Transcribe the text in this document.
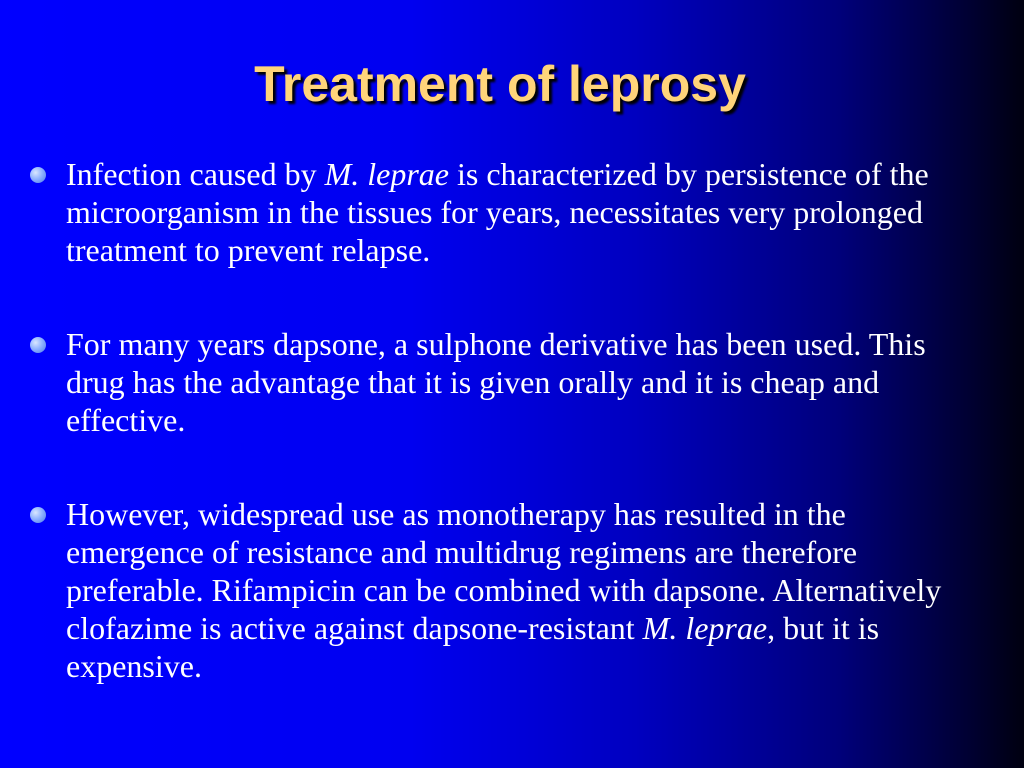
Treatment of leprosy
Infection caused by M. leprae is characterized by persistence of the microorganism in the tissues for years, necessitates very prolonged treatment to prevent relapse.
For many years dapsone, a sulphone derivative has been used. This drug has the advantage that it is given orally and it is cheap and effective.
However, widespread use as monotherapy has resulted in the emergence of resistance and multidrug regimens are therefore preferable. Rifampicin can be combined with dapsone. Alternatively clofazime is active against dapsone-resistant M. leprae, but it is expensive.
